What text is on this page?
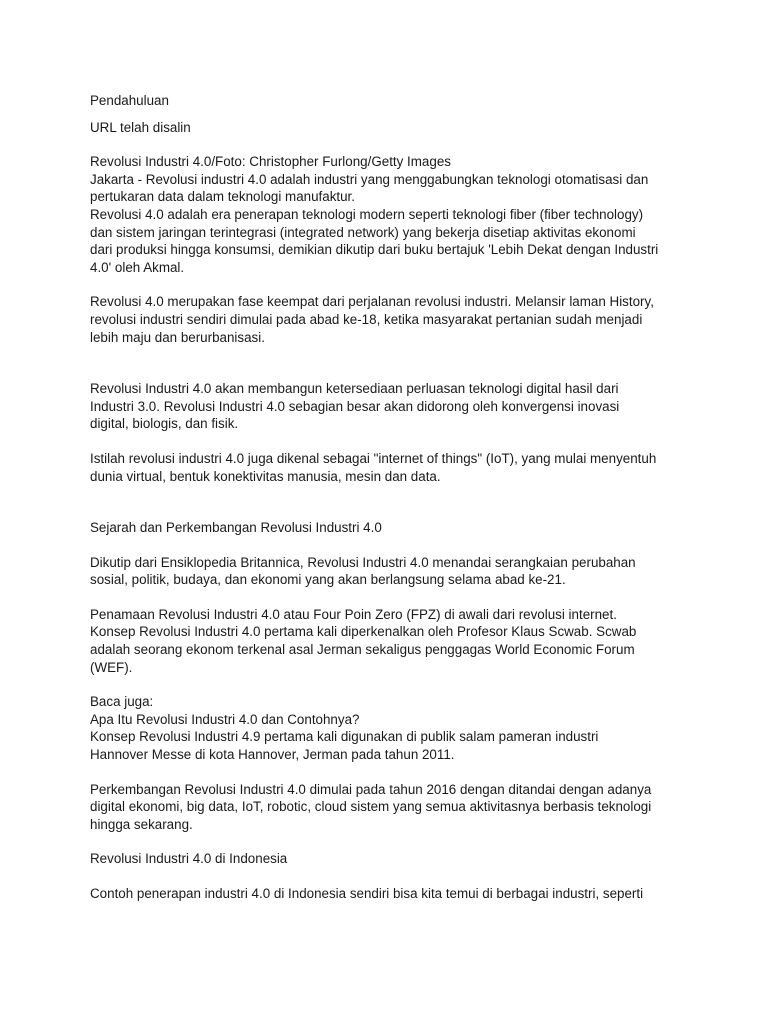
Pendahuluan
URL telah disalin
Revolusi Industri 4.0/Foto: Christopher Furlong/Getty Images
Jakarta - Revolusi industri 4.0 adalah industri yang menggabungkan teknologi otomatisasi dan
pertukaran data dalam teknologi manufaktur.
Revolusi 4.0 adalah era penerapan teknologi modern seperti teknologi fiber (fiber technology)
dan sistem jaringan terintegrasi (integrated network) yang bekerja disetiap aktivitas ekonomi
dari produksi hingga konsumsi, demikian dikutip dari buku bertajuk 'Lebih Dekat dengan Industri
4.0' oleh Akmal.
Revolusi 4.0 merupakan fase keempat dari perjalanan revolusi industri. Melansir laman History,
revolusi industri sendiri dimulai pada abad ke-18, ketika masyarakat pertanian sudah menjadi
lebih maju dan berurbanisasi.
Revolusi Industri 4.0 akan membangun ketersediaan perluasan teknologi digital hasil dari
Industri 3.0. Revolusi Industri 4.0 sebagian besar akan didorong oleh konvergensi inovasi
digital, biologis, dan fisik.
Istilah revolusi industri 4.0 juga dikenal sebagai "internet of things" (IoT), yang mulai menyentuh
dunia virtual, bentuk konektivitas manusia, mesin dan data.
Sejarah dan Perkembangan Revolusi Industri 4.0
Dikutip dari Ensiklopedia Britannica, Revolusi Industri 4.0 menandai serangkaian perubahan
sosial, politik, budaya, dan ekonomi yang akan berlangsung selama abad ke-21.
Penamaan Revolusi Industri 4.0 atau Four Poin Zero (FPZ) di awali dari revolusi internet.
Konsep Revolusi Industri 4.0 pertama kali diperkenalkan oleh Profesor Klaus Scwab. Scwab
adalah seorang ekonom terkenal asal Jerman sekaligus penggagas World Economic Forum
(WEF).
Baca juga:
Apa Itu Revolusi Industri 4.0 dan Contohnya?
Konsep Revolusi Industri 4.9 pertama kali digunakan di publik salam pameran industri
Hannover Messe di kota Hannover, Jerman pada tahun 2011.
Perkembangan Revolusi Industri 4.0 dimulai pada tahun 2016 dengan ditandai dengan adanya
digital ekonomi, big data, IoT, robotic, cloud sistem yang semua aktivitasnya berbasis teknologi
hingga sekarang.
Revolusi Industri 4.0 di Indonesia
Contoh penerapan industri 4.0 di Indonesia sendiri bisa kita temui di berbagai industri, seperti
